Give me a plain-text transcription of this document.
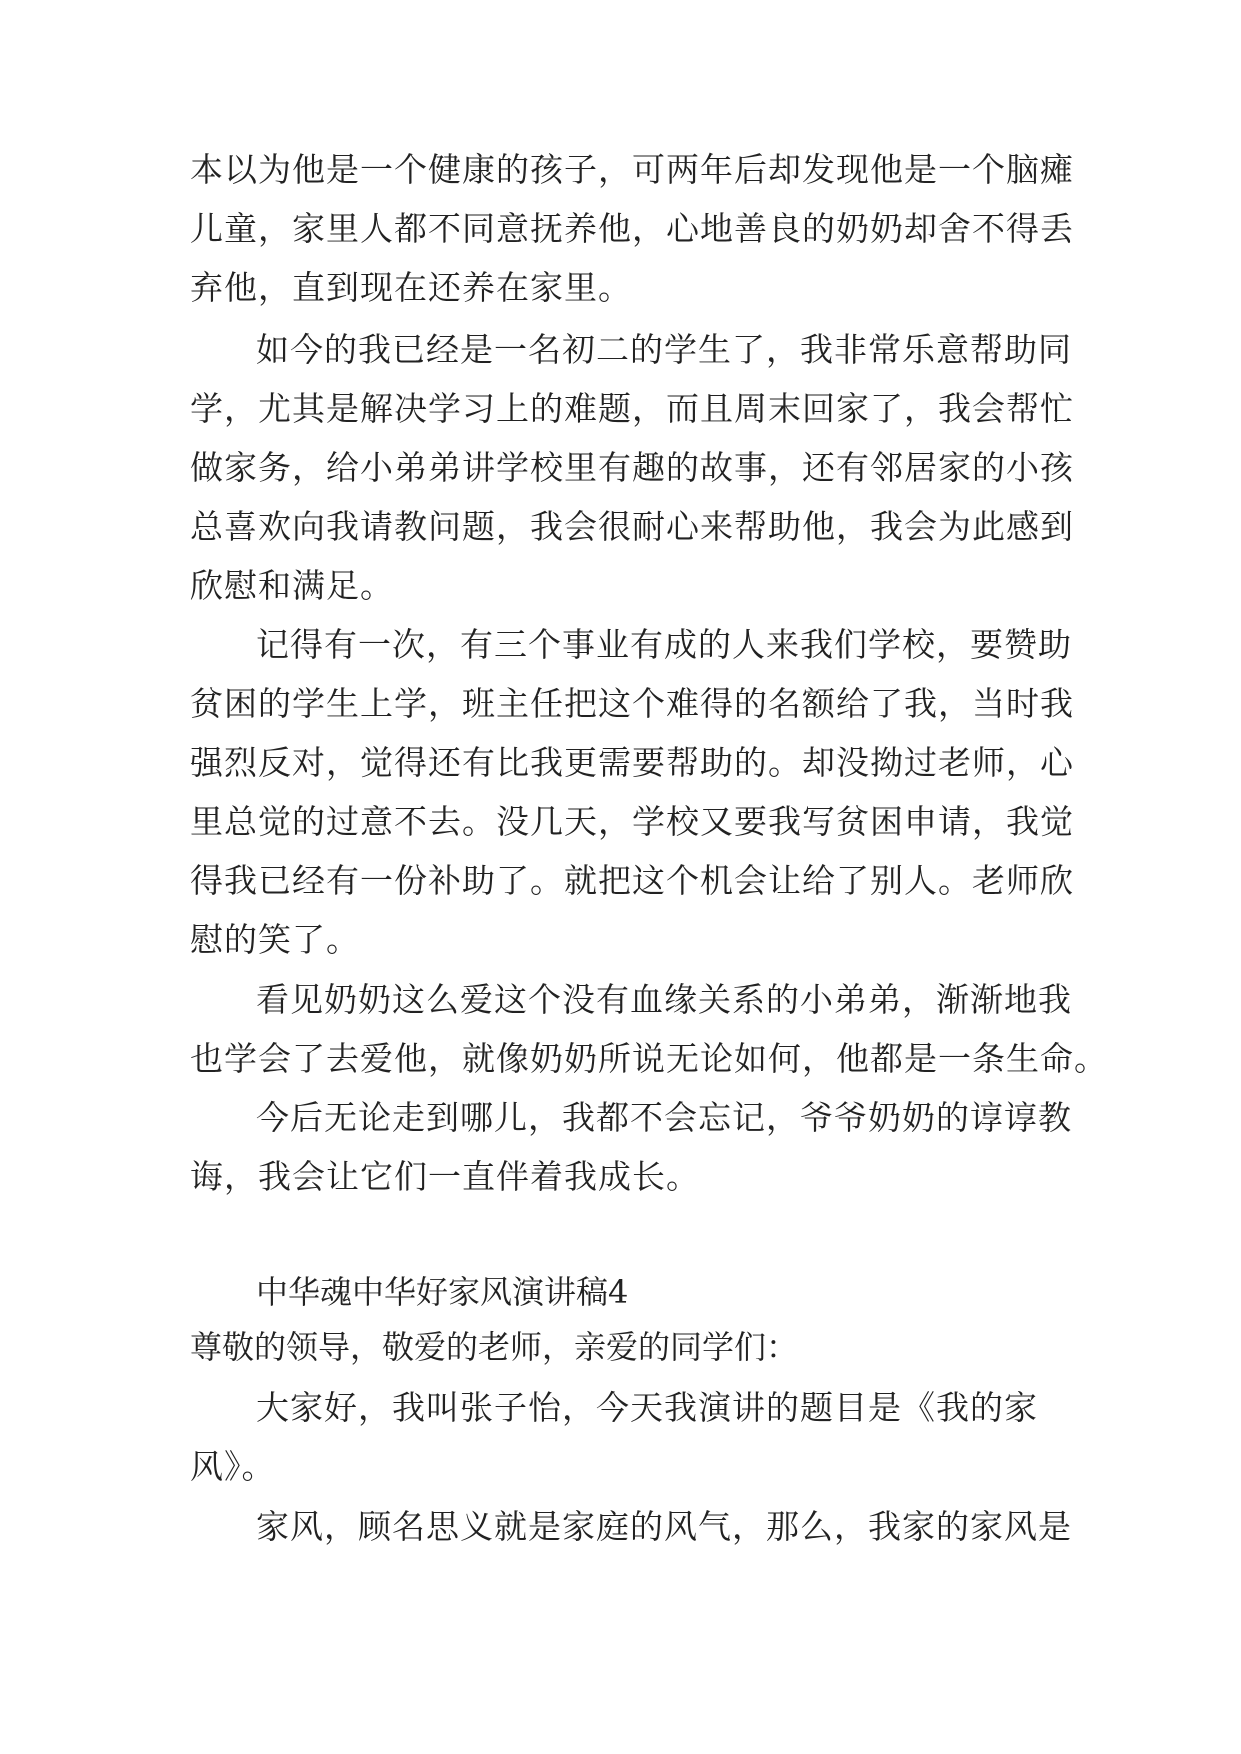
本以为他是一个健康的孩子，可两年后却发现他是一个脑瘫
儿童，家里人都不同意抚养他，心地善良的奶奶却舍不得丢
弃他，直到现在还养在家里。
如今的我已经是一名初二的学生了，我非常乐意帮助同
学，尤其是解决学习上的难题，而且周末回家了，我会帮忙
做家务，给小弟弟讲学校里有趣的故事，还有邻居家的小孩
总喜欢向我请教问题，我会很耐心来帮助他，我会为此感到
欣慰和满足。
记得有一次，有三个事业有成的人来我们学校，要赞助
贫困的学生上学，班主任把这个难得的名额给了我，当时我
强烈反对，觉得还有比我更需要帮助的。却没拗过老师，心
里总觉的过意不去。没几天，学校又要我写贫困申请，我觉
得我已经有一份补助了。就把这个机会让给了别人。老师欣
慰的笑了。
看见奶奶这么爱这个没有血缘关系的小弟弟，渐渐地我
也学会了去爱他，就像奶奶所说无论如何，他都是一条生命。
今后无论走到哪儿，我都不会忘记，爷爷奶奶的谆谆教
诲，我会让它们一直伴着我成长。
中华魂中华好家风演讲稿4
尊敬的领导，敬爱的老师，亲爱的同学们：
大家好，我叫张子怡，今天我演讲的题目是《我的家
风》。
家风，顾名思义就是家庭的风气，那么，我家的家风是
